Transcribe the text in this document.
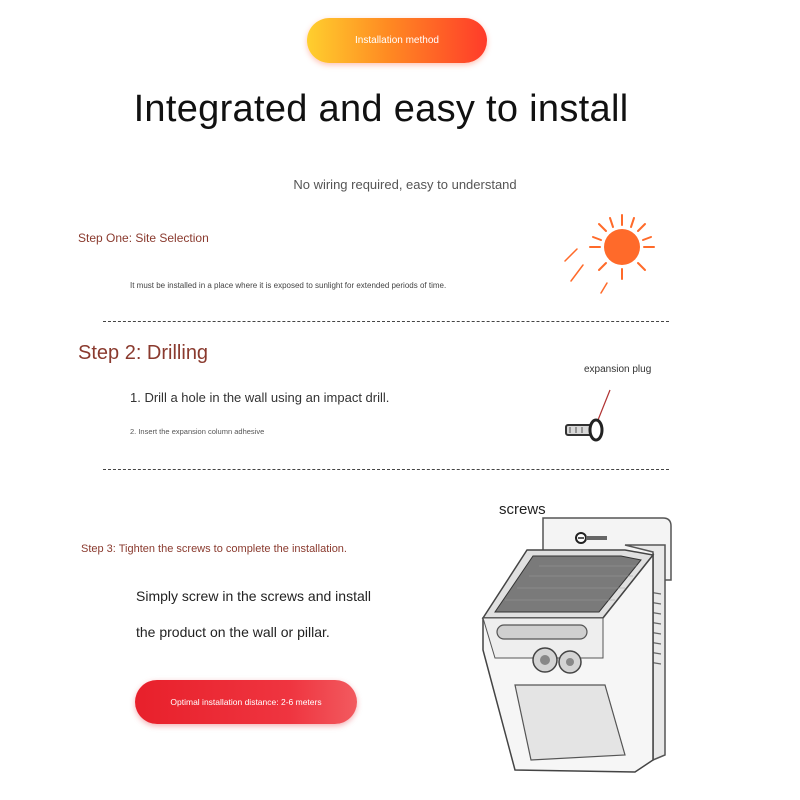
Installation method
Integrated and easy to install
No wiring required, easy to understand
Step One: Site Selection
It must be installed in a place where it is exposed to sunlight for extended periods of time.
Step 2: Drilling
1. Drill a hole in the wall using an impact drill.
2. Insert the expansion column adhesive
expansion plug
Step 3: Tighten the screws to complete the installation.
Simply screw in the screws and install
the product on the wall or pillar.
Optimal installation distance: 2-6 meters
screws
